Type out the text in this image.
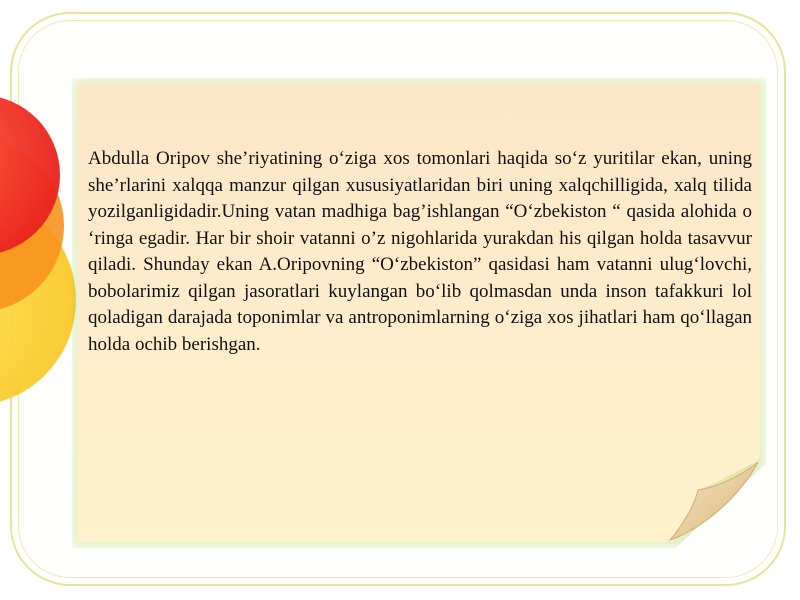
Abdulla Oripov she’riyatining o‘ziga xos tomonlari haqida so‘z yuritilar ekan, uning she’rlarini xalqqa manzur qilgan xususiyatlaridan biri uning xalqchilligida, xalq tilida yozilganligidadir.Uning vatan madhiga bag’ishlangan “O‘zbekiston “ qasida alohida o ‘ringa egadir. Har bir shoir vatanni o’z nigohlarida yurakdan his qilgan holda tasavvur qiladi. Shunday ekan A.Oripovning “O‘zbekiston” qasidasi ham vatanni ulug‘lovchi, bobolarimiz qilgan jasoratlari kuylangan bo‘lib qolmasdan unda inson tafakkuri lol qoladigan darajada toponimlar va antroponimlarning o‘ziga xos jihatlari ham qo‘llagan holda ochib berishgan.
